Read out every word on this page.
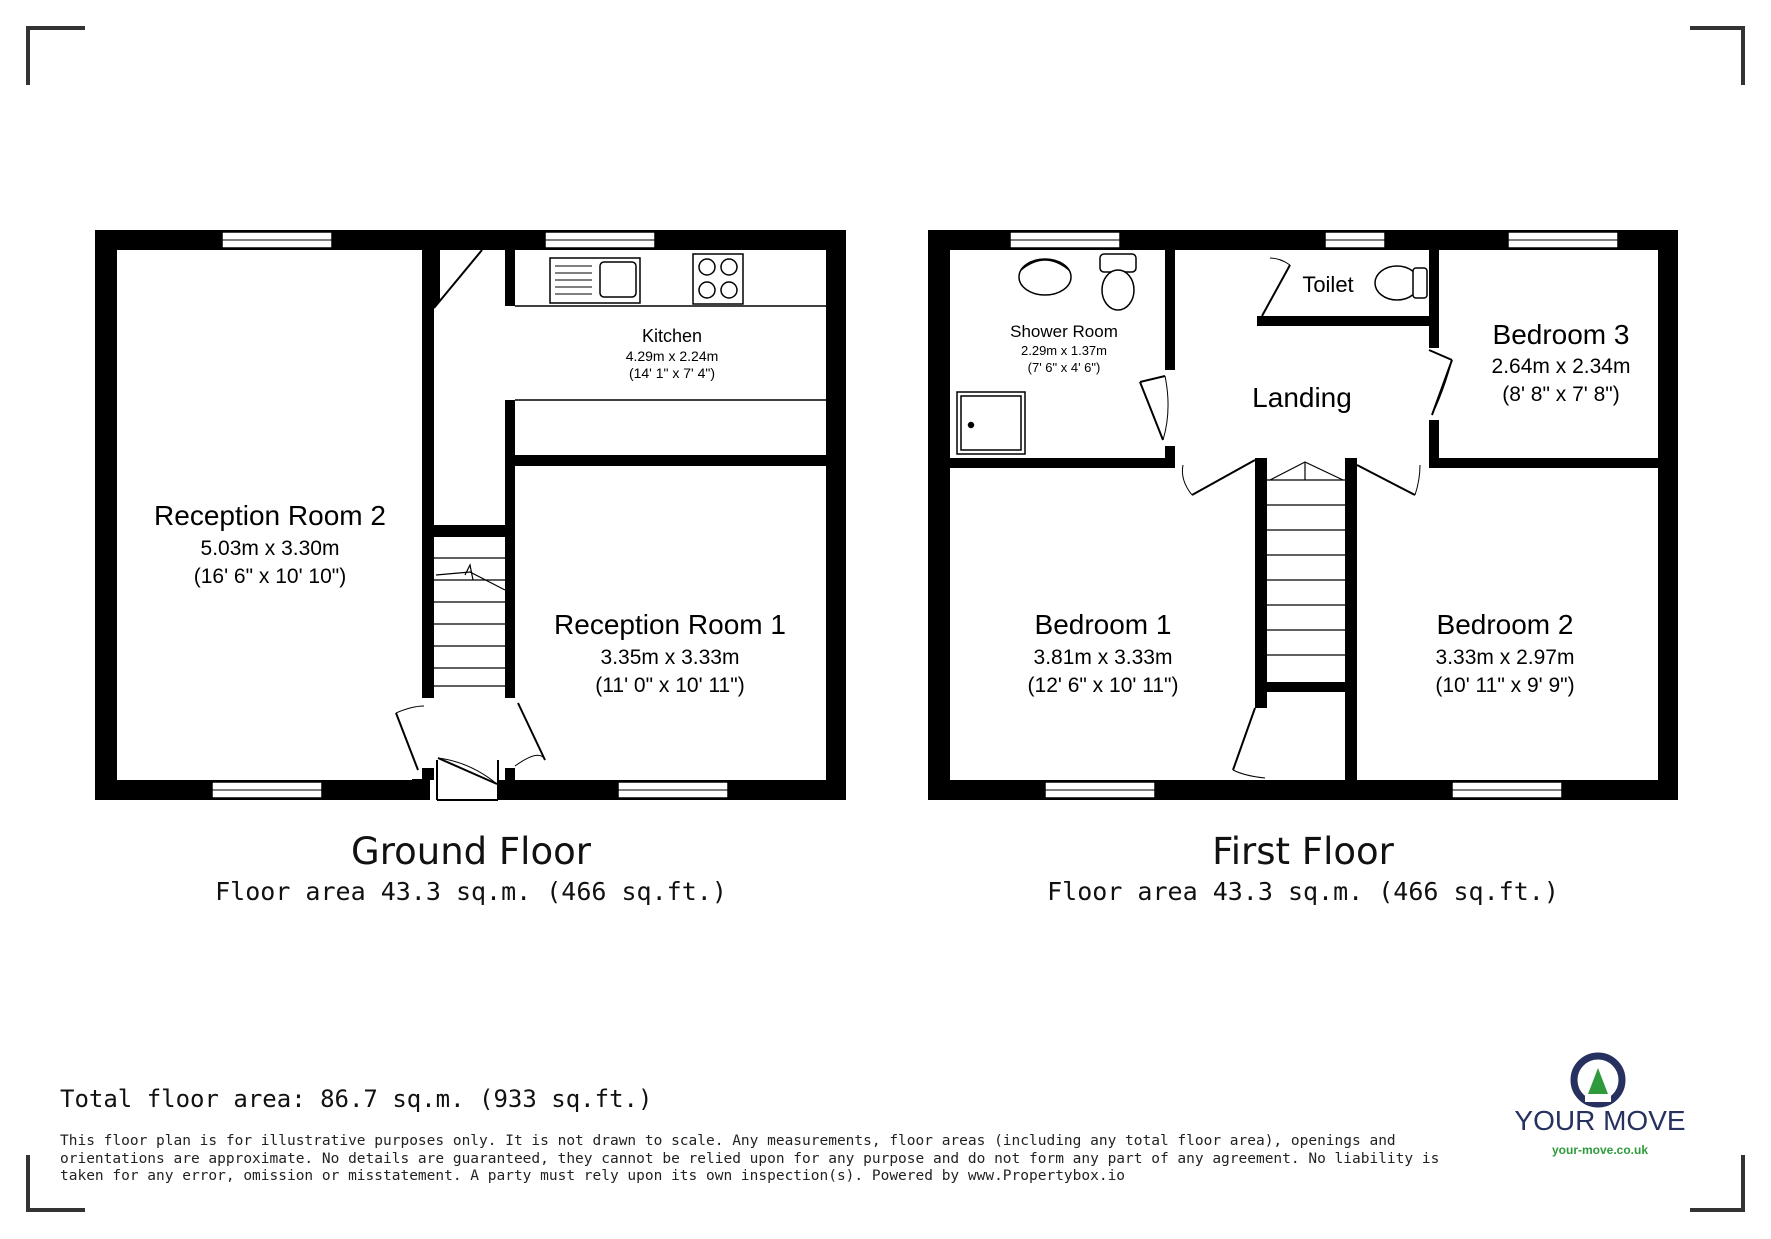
Reception Room 2
5.03m x 3.30m
(16' 6" x 10' 10")
Kitchen
4.29m x 2.24m
(14' 1" x 7' 4")
Reception Room 1
3.35m x 3.33m
(11' 0" x 10' 11")
Shower Room
2.29m x 1.37m
(7' 6" x 4' 6")
Toilet
Landing
Bedroom 3
2.64m x 2.34m
(8' 8" x 7' 8")
Bedroom 1
3.81m x 3.33m
(12' 6" x 10' 11")
Bedroom 2
3.33m x 2.97m
(10' 11" x 9' 9")
Ground Floor
Floor area 43.3 sq.m. (466 sq.ft.)
First Floor
Floor area 43.3 sq.m. (466 sq.ft.)
Total floor area: 86.7 sq.m. (933 sq.ft.)
This floor plan is for illustrative purposes only. It is not drawn to scale. Any measurements, floor areas (including any total floor area), openings and orientations are approximate. No details are guaranteed, they cannot be relied upon for any purpose and do not form any part of any agreement. No liability is taken for any error, omission or misstatement. A party must rely upon its own inspection(s). Powered by www.Propertybox.io
YOUR MOVE
your-move.co.uk
